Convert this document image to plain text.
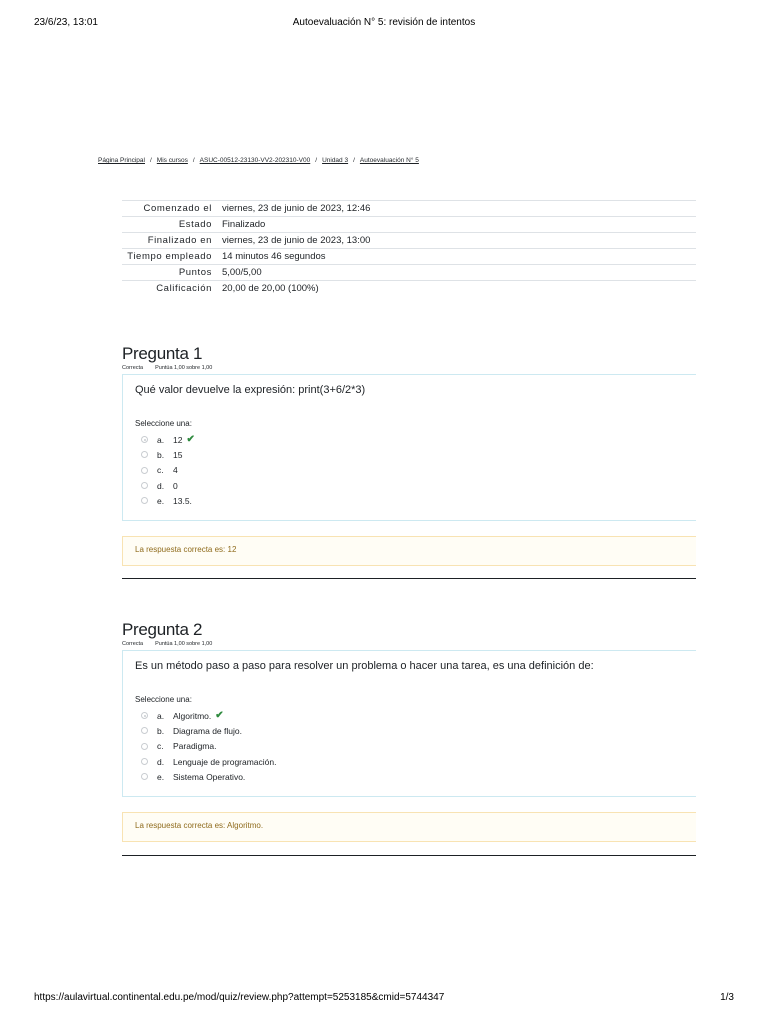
23/6/23, 13:01	Autoevaluación N° 5: revisión de intentos
Página Principal / Mis cursos / ASUC-00512-23130-VV2-202310-V00 / Unidad 3 / Autoevaluación N° 5
Comenzado el	viernes, 23 de junio de 2023, 12:46
Estado	Finalizado
Finalizado en	viernes, 23 de junio de 2023, 13:00
Tiempo empleado	14 minutos 46 segundos
Puntos	5,00/5,00
Calificación	20,00 de 20,00 (100%)
Pregunta 1
Correcta Puntúa 1,00 sobre 1,00

Qué valor devuelve la expresión: print(3+6/2*3)

Seleccione una:
a.	12 ✔
b.	15
c.	4
d.	0
e.	13.5.
La respuesta correcta es: 12
Pregunta 2
Correcta Puntúa 1,00 sobre 1,00

Es un método paso a paso para resolver un problema o hacer una tarea, es una definición de:

Seleccione una:
a.	Algoritmo. ✔
b.	Diagrama de flujo.
c.	Paradigma.
d.	Lenguaje de programación.
e.	Sistema Operativo.
La respuesta correcta es: Algoritmo.
https://aulavirtual.continental.edu.pe/mod/quiz/review.php?attempt=5253185&cmid=5744347	1/3
